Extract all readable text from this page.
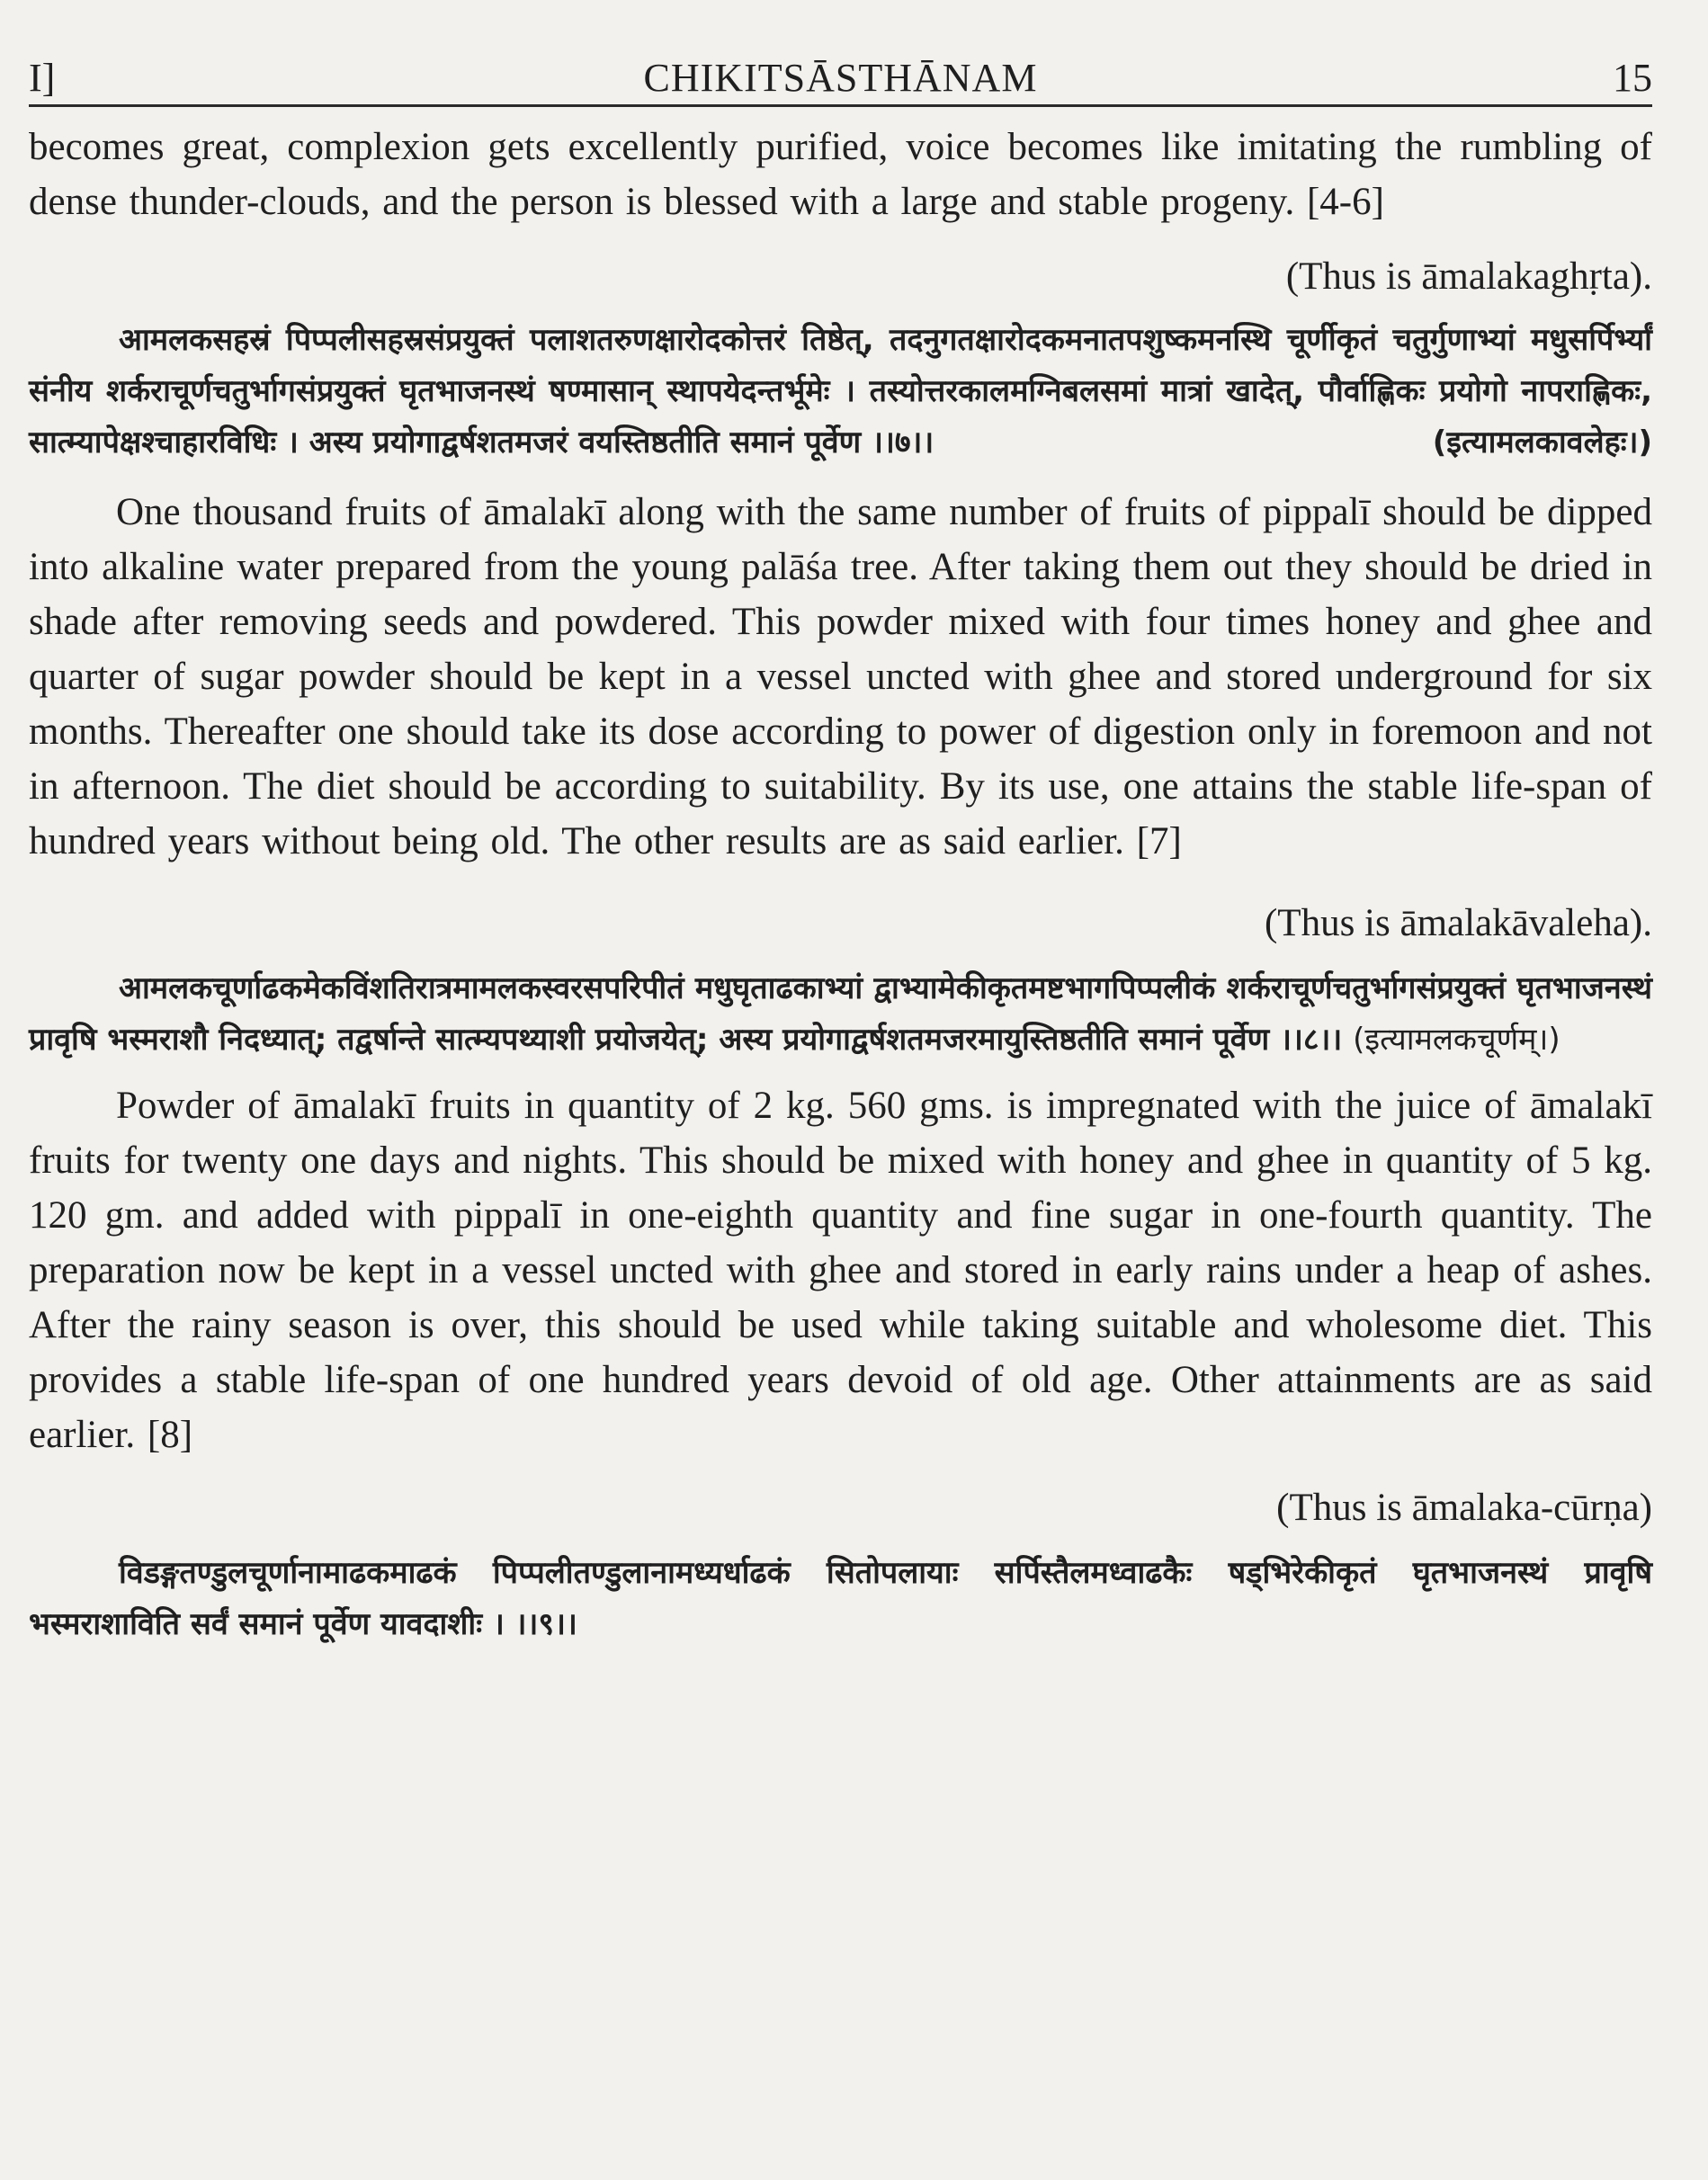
I]	CHIKITSĀSTHĀNAM	15

becomes great, complexion gets excellently purified, voice becomes like imitating the rumbling of dense thunder-clouds, and the person is blessed with a large and stable progeny. [4-6]

(Thus is āmalakaghṛta).

आमलकसहस्रं पिप्पलीसहस्रसंप्रयुक्तं पलाशतरुणक्षारोदकोत्तरं तिष्ठेत्, तदनुगतक्षारोदकमनातपशुष्कमनस्थि चूर्णीकृतं चतुर्गुणाभ्यां मधुसर्पिर्भ्यां संनीय शर्कराचूर्णचतुर्भागसंप्रयुक्तं घृतभाजनस्थं षण्मासान् स्थापयेदन्तर्भूमेः । तस्योत्तरकालमग्निबलसमां मात्रां खादेत्, पौर्वाह्णिकः प्रयोगो नापराह्णिकः, सात्म्यापेक्षश्चाहारविधिः । अस्य प्रयोगाद्वर्षशतमजरं वयस्तिष्ठतीति समानं पूर्वेण ।।७।।	(इत्यामलकावलेहः।)

One thousand fruits of āmalakī along with the same number of fruits of pippalī should be dipped into alkaline water prepared from the young palāśa tree. After taking them out they should be dried in shade after removing seeds and powdered. This powder mixed with four times honey and ghee and quarter of sugar powder should be kept in a vessel uncted with ghee and stored underground for six months. Thereafter one should take its dose according to power of digestion only in foremoon and not in afternoon. The diet should be according to suitability. By its use, one attains the stable life-span of hundred years without being old. The other results are as said earlier. [7]

(Thus is āmalakāvaleha).

आमलकचूर्णाढकमेकविंशतिरात्रमामलकस्वरसपरिपीतं मधुघृताढकाभ्यां द्वाभ्यामेकीकृतमष्टभागपिप्पलीकं शर्कराचूर्णचतुर्भागसंप्रयुक्तं घृतभाजनस्थं प्रावृषि भस्मराशौ निदध्यात्; तद्वर्षान्ते सात्म्यपथ्याशी प्रयोजयेत्; अस्य प्रयोगाद्वर्षशतमजरमायुस्तिष्ठतीति समानं पूर्वेण ।।८।। (इत्यामलकचूर्णम्।)

Powder of āmalakī fruits in quantity of 2 kg. 560 gms. is impregnated with the juice of āmalakī fruits for twenty one days and nights. This should be mixed with honey and ghee in quantity of 5 kg. 120 gm. and added with pippalī in one-eighth quantity and fine sugar in one-fourth quantity. The preparation now be kept in a vessel uncted with ghee and stored in early rains under a heap of ashes. After the rainy season is over, this should be used while taking suitable and wholesome diet. This provides a stable life-span of one hundred years devoid of old age. Other attainments are as said earlier. [8]

(Thus is āmalaka-cūrṇa)

विडङ्गतण्डुलचूर्णानामाढकमाढकं पिप्पलीतण्डुलानामध्यर्धाढकं सितोपलायाः सर्पिस्तैलमध्वाढकैः षड्भिरेकीकृतं घृतभाजनस्थं प्रावृषि भस्मराशाविति सर्वं समानं पूर्वेण यावदाशीः । ।।९।।
